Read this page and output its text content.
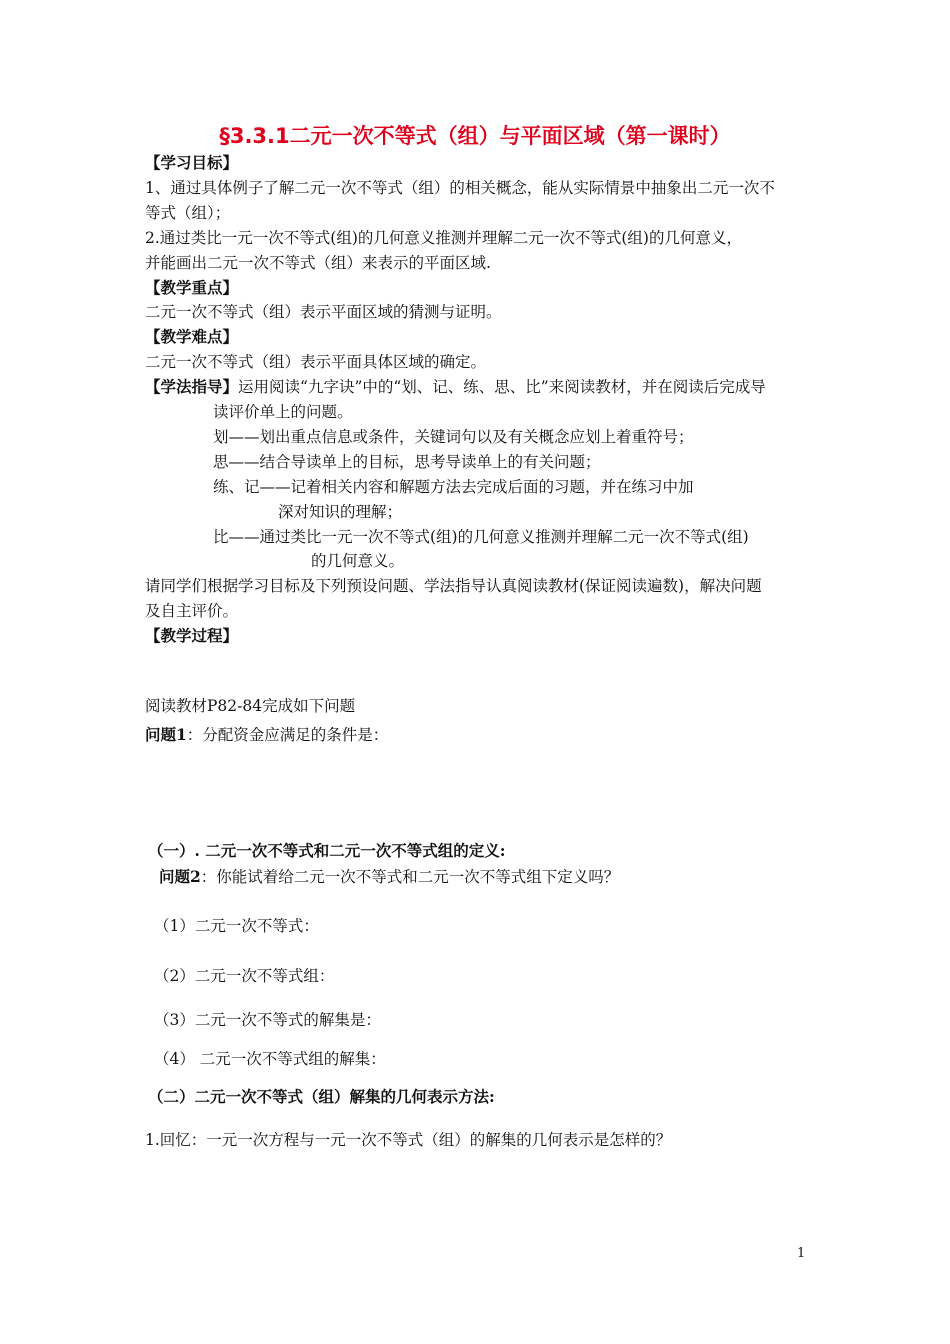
§3.3.1二元一次不等式（组）与平面区域（第一课时）
【学习目标】
1、通过具体例子了解二元一次不等式（组）的相关概念，能从实际情景中抽象出二元一次不
等式（组）；
2.通过类比一元一次不等式(组)的几何意义推测并理解二元一次不等式(组)的几何意义，
并能画出二元一次不等式（组）来表示的平面区域.
【教学重点】
二元一次不等式（组）表示平面区域的猜测与证明。
【教学难点】
二元一次不等式（组）表示平面具体区域的确定。
【学法指导】运用阅读“九字诀”中的“划、记、练、思、比”来阅读教材，并在阅读后完成导
读评价单上的问题。
划——划出重点信息或条件，关键词句以及有关概念应划上着重符号；
思——结合导读单上的目标，思考导读单上的有关问题；
练、记——记着相关内容和解题方法去完成后面的习题，并在练习中加
深对知识的理解；
比——通过类比一元一次不等式(组)的几何意义推测并理解二元一次不等式(组)
的几何意义。
请同学们根据学习目标及下列预设问题、学法指导认真阅读教材(保证阅读遍数)，解决问题
及自主评价。
【教学过程】
阅读教材P82-84完成如下问题
问题1：分配资金应满足的条件是：
（一）. 二元一次不等式和二元一次不等式组的定义:
问题2：你能试着给二元一次不等式和二元一次不等式组下定义吗？
（1）二元一次不等式：
（2）二元一次不等式组：
（3）二元一次不等式的解集是：
（4） 二元一次不等式组的解集：
（二）二元一次不等式（组）解集的几何表示方法:
1.回忆：一元一次方程与一元一次不等式（组）的解集的几何表示是怎样的？
1
